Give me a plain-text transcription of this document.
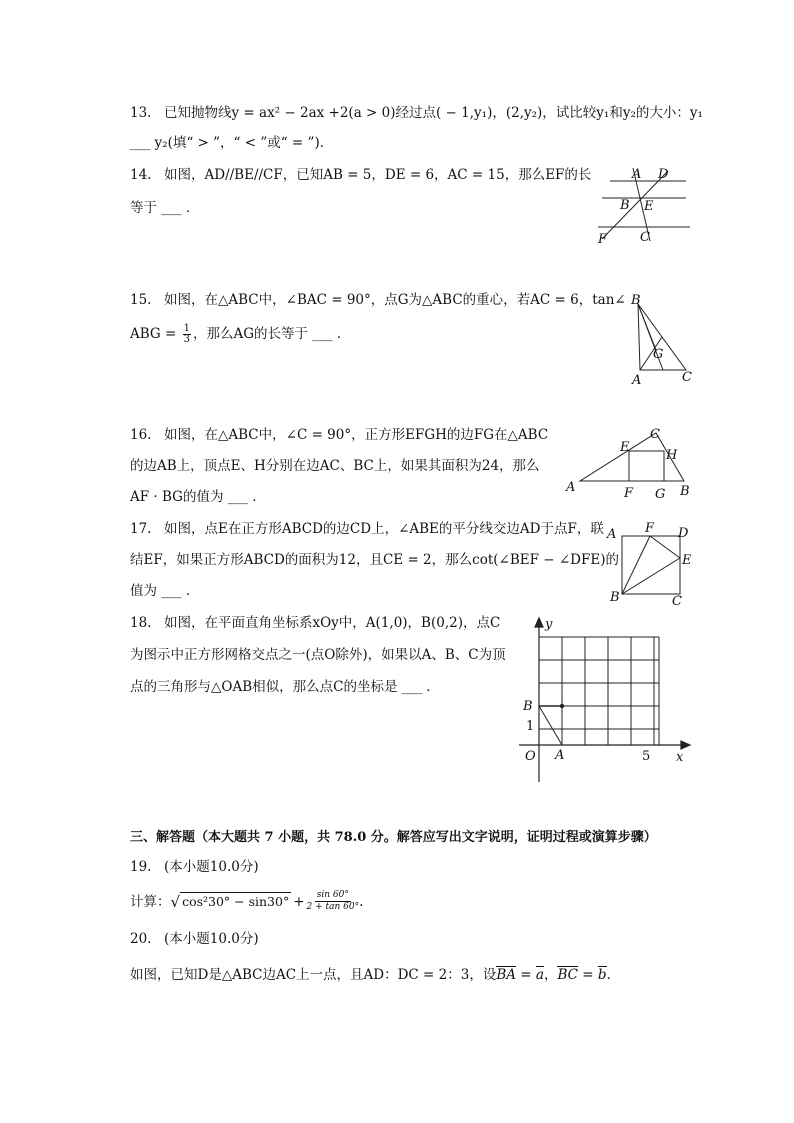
13. 已知抛物线y = ax² − 2ax +2(a > 0)经过点( − 1,y₁)，(2,y₂)，试比较y₁和y₂的大小：y₁
___ y₂(填“ > ”，“ < ”或“ = ”)．
14. 如图，AD//BE//CF，已知AB = 5，DE = 6，AC = 15，那么EF的长
等于 ___ ．
A D
B E
F	C
15. 如图，在△ABC中，∠BAC = 90°，点G为△ABC的重心，若AC = 6，tan∠
ABG = $\frac{1}{3}$ ，那么AG的长等于 ___ ．
B
G
A	C
16. 如图，在△ABC中，∠C = 90°，正方形EFGH的边FG在△ABC
的边AB上，顶点E、H分别在边AC、BC上，如果其面积为24，那么
AF · BG的值为 ___ ．
C
E
H
A	F G B
17. 如图，点E在正方形ABCD的边CD上，∠ABE的平分线交边AD于点F，联
结EF，如果正方形ABCD的面积为12，且CE = 2，那么cot(∠BEF − ∠DFE)的
值为 ___ ．
A F D
E
B	C
18. 如图，在平面直角坐标系xOy中，A(1,0)，B(0,2)，点C
为图示中正方形网格交点之一(点O除外)，如果以A、B、C为顶
点的三角形与△OAB相似，那么点C的坐标是 ___ ．
y
B
1
O A	5 x
三、解答题（本大题共 7 小题，共 78.0 分。解答应写出文字说明，证明过程或演算步骤）
19. (本小题10.0分)
计算： √ $\cos^230^\circ - \sin 30^\circ + \frac{\sin 60^\circ}{2 + \tan 60^\circ}$ .
20. (本小题10.0分)
如图，已知D是△ABC边AC上一点，且AD：DC = 2：3，设BA = a，BC = b．
